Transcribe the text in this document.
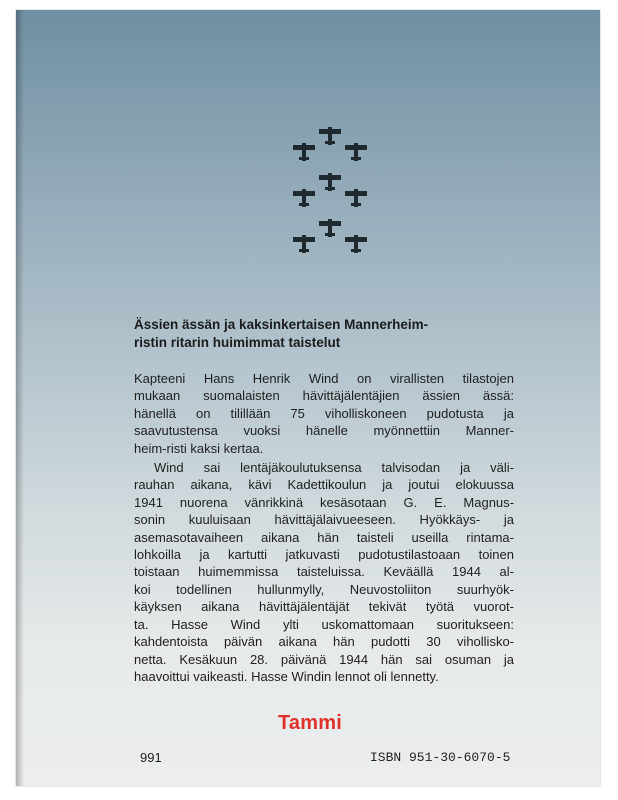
Ässien ässän ja kaksinkertaisen Mannerheim-
ristin ritarin huimimmat taistelut
Kapteeni Hans Henrik Wind on virallisten tilastojen
mukaan suomalaisten hävittäjälentäjien ässien ässä:
hänellä on tilillään 75 viholliskoneen pudotusta ja
saavutustensa vuoksi hänelle myönnettiin Manner-
heim-risti kaksi kertaa.
Wind sai lentäjäkoulutuksensa talvisodan ja väli-
rauhan aikana, kävi Kadettikoulun ja joutui elokuussa
1941 nuorena vänrikkinä kesäsotaan G. E. Magnus-
sonin kuuluisaan hävittäjälaivueeseen. Hyökkäys- ja
asemasotavaiheen aikana hän taisteli useilla rintama-
lohkoilla ja kartutti jatkuvasti pudotustilastoaan toinen
toistaan huimemmissa taisteluissa. Keväällä 1944 al-
koi todellinen hullunmylly, Neuvostoliiton suurhyök-
käyksen aikana hävittäjälentäjät tekivät työtä vuorot-
ta. Hasse Wind ylti uskomattomaan suoritukseen:
kahdentoista päivän aikana hän pudotti 30 vihollisko-
netta. Kesäkuun 28. päivänä 1944 hän sai osuman ja
haavoittui vaikeasti. Hasse Windin lennot oli lennetty.
Tammi
991	ISBN 951-30-6070-5
